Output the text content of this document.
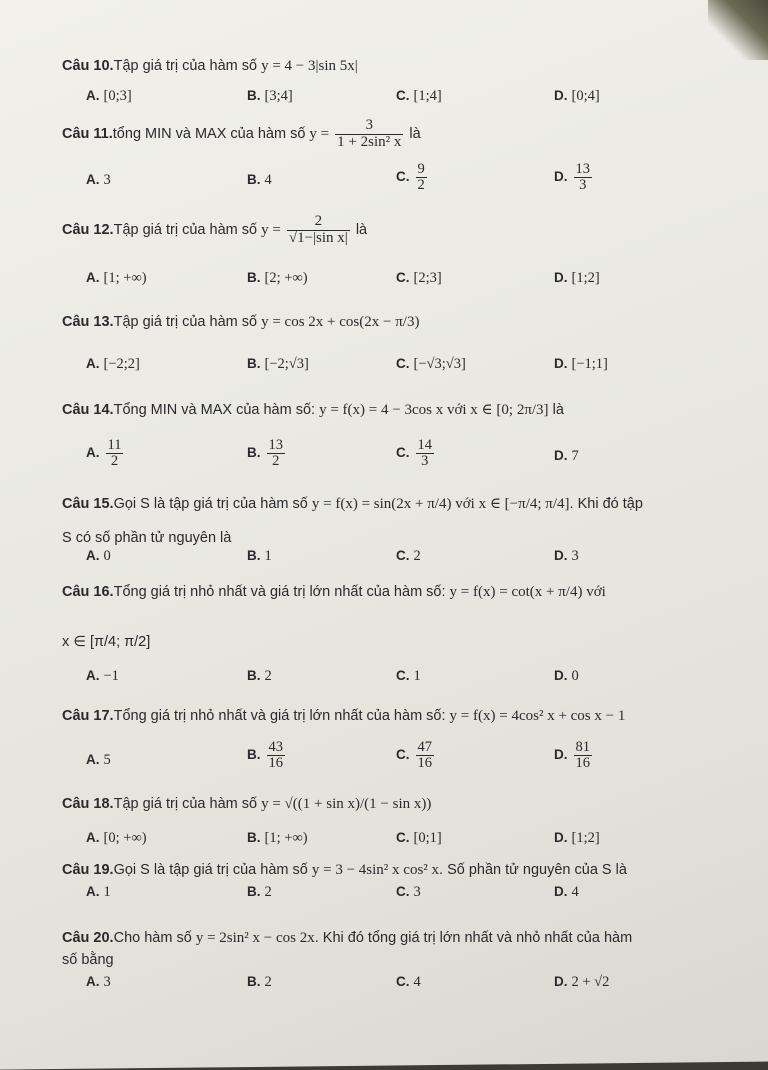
Câu 10.Tập giá trị của hàm số y = 4 − 3|sin 5x|
A. [0;3]	B. [3;4]	C. [1;4]	D. [0;4]
Câu 11.tổng MIN và MAX của hàm số $y = \frac{3}{\text{1 + 2sin² x}}$ là
A. 3	B. 4	C. $\frac{9}{2}$	D. $\frac{13}{3}$
Câu 12.Tập giá trị của hàm số $y = \frac{2}{\text{√1−|sin x|}}$ là
A. [1; +∞)	B. [2; +∞)	C. [2;3]	D. [1;2]
Câu 13.Tập giá trị của hàm số y = cos 2x + cos(2x − π/3)
A. [−2;2]	B. [−2;√3]	C. [−√3;√3]	D. [−1;1]
Câu 14.Tổng MIN và MAX của hàm số: y = f(x) = 4 − 3cos x với x ∈ [0; 2π/3] là
A. $\frac{11}{2}$	B. $\frac{13}{2}$	C. $\frac{14}{3}$	D. 7
Câu 15.Gọi S là tập giá trị của hàm số y = f(x) = sin(2x + π/4) với x ∈ [−π/4; π/4]. Khi đó tập
S có số phần tử nguyên là
A. 0	B. 1	C. 2	D. 3
Câu 16.Tổng giá trị nhỏ nhất và giá trị lớn nhất của hàm số: y = f(x) = cot(x + π/4) với
x ∈ [π/4; π/2]
A. −1	B. 2	C. 1	D. 0
Câu 17.Tổng giá trị nhỏ nhất và giá trị lớn nhất của hàm số: y = f(x) = 4cos² x + cos x − 1
A. 5	B. $\frac{43}{16}$	C. $\frac{47}{16}$	D. $\frac{81}{16}$
Câu 18.Tập giá trị của hàm số y = √((1 + sin x)/(1 − sin x))
A. [0; +∞)	B. [1; +∞)	C. [0;1]	D. [1;2]
Câu 19.Gọi S là tập giá trị của hàm số y = 3 − 4sin² x cos² x. Số phần tử nguyên của S là
A. 1	B. 2	C. 3	D. 4
Câu 20.Cho hàm số y = 2sin² x − cos 2x. Khi đó tổng giá trị lớn nhất và nhỏ nhất của hàm
số bằng
A. 3	B. 2	C. 4	D. 2 + √2
